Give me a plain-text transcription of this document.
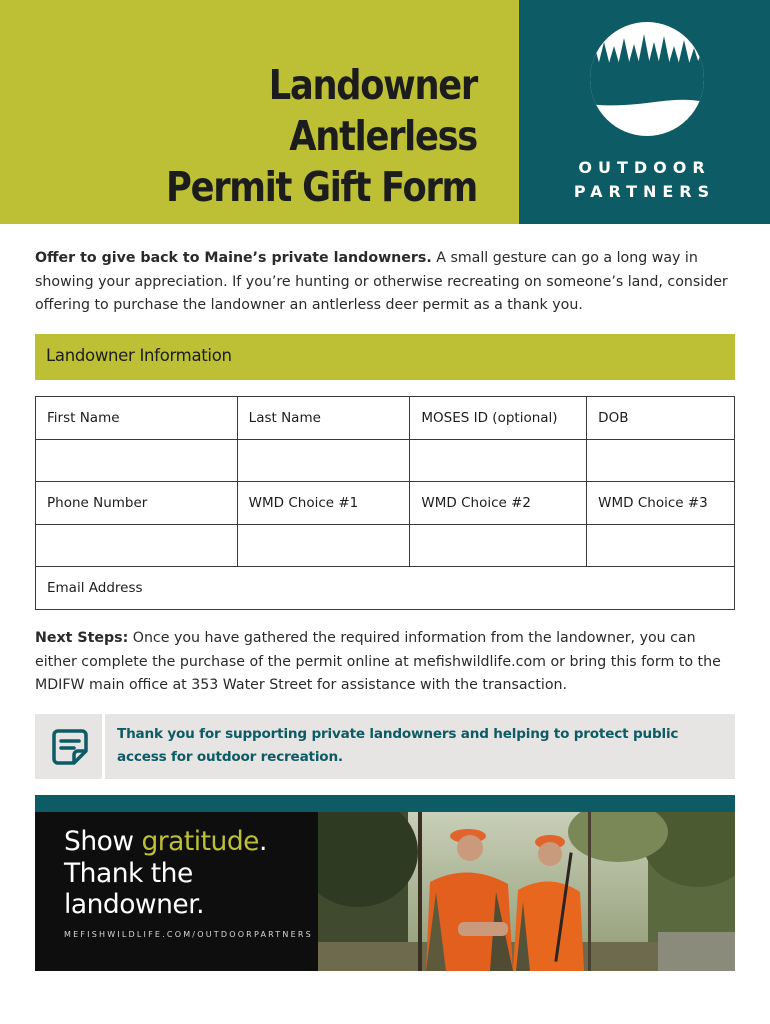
Landowner Antlerless
Permit Gift Form	OUTDOOR
PARTNERS

Offer to give back to Maine’s private landowners. A small gesture can go a long way in showing your appreciation. If you’re hunting or otherwise recreating on someone’s land, consider offering to purchase the landowner an antlerless deer permit as a thank you.

Landowner Information
First Name	Last Name	MOSES ID (optional)	DOB

Phone Number	WMD Choice #1	WMD Choice #2	WMD Choice #3

Email Address			

Next Steps: Once you have gathered the required information from the landowner, you can either complete the purchase of the permit online at mefishwildlife.com or bring this form to the MDIFW main office at 353 Water Street for assistance with the transaction.

Thank you for supporting private landowners and helping to protect public access for outdoor recreation.
Show gratitude.
Thank the
landowner.
MEFISHWILDLIFE.COM/OUTDOORPARTNERS
